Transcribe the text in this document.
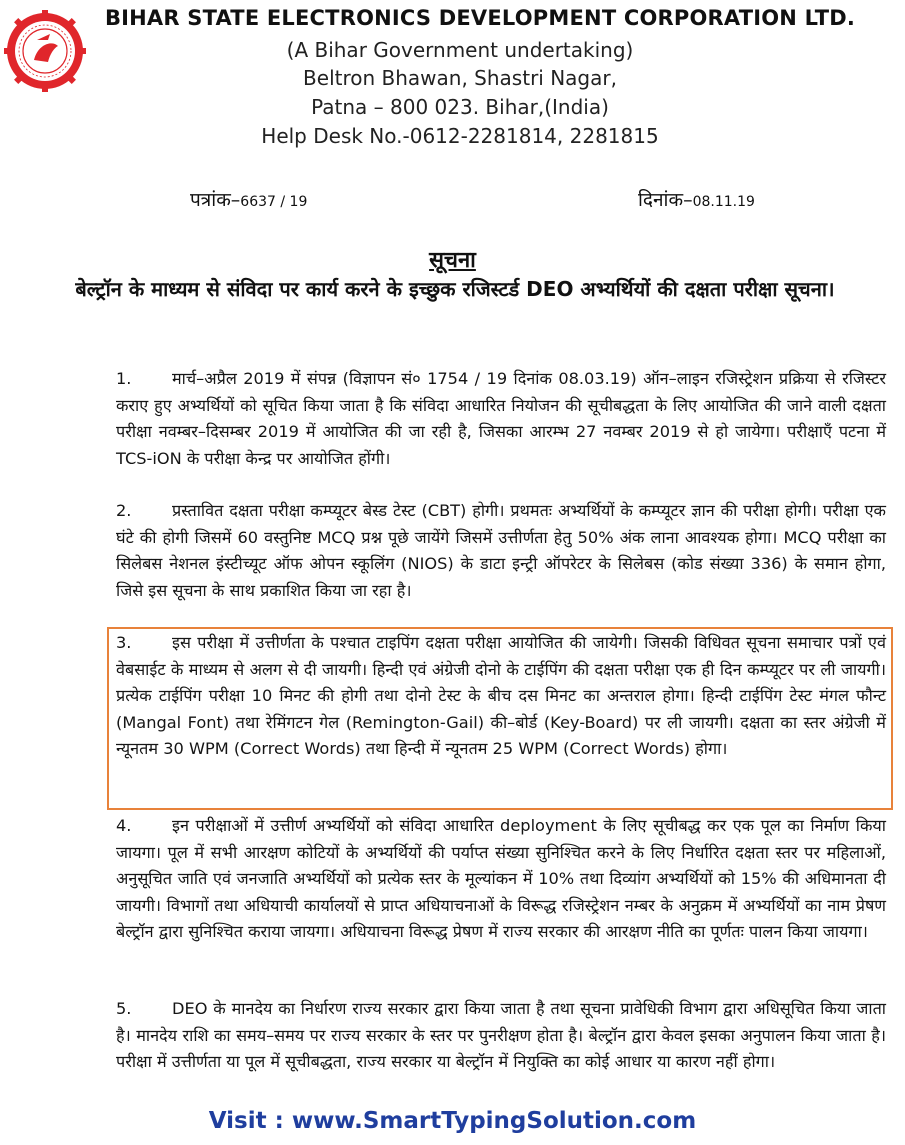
BIHAR STATE ELECTRONICS DEVELOPMENT CORPORATION LTD.
(A Bihar Government undertaking)
Beltron Bhawan, Shastri Nagar,
Patna – 800 023. Bihar,(India)
Help Desk No.-0612-2281814, 2281815
पत्रांक–6637 / 19	दिनांक–08.11.19
सूचना
बेल्ट्रॉन के माध्यम से संविदा पर कार्य करने के इच्छुक रजिस्टर्ड DEO अभ्यर्थियों की दक्षता परीक्षा सूचना।
1.	मार्च–अप्रैल 2019 में संपन्न (विज्ञापन सं० 1754 / 19 दिनांक 08.03.19) ऑन–लाइन रजिस्ट्रेशन प्रक्रिया से रजिस्टर कराए हुए अभ्यर्थियों को सूचित किया जाता है कि संविदा आधारित नियोजन की सूचीबद्धता के लिए आयोजित की जाने वाली दक्षता परीक्षा नवम्बर–दिसम्बर 2019 में आयोजित की जा रही है, जिसका आरम्भ 27 नवम्बर 2019 से हो जायेगा। परीक्षाएँ पटना में TCS-iON के परीक्षा केन्द्र पर आयोजित होंगी।
2.	प्रस्तावित दक्षता परीक्षा कम्प्यूटर बेस्ड टेस्ट (CBT) होगी। प्रथमतः अभ्यर्थियों के कम्प्यूटर ज्ञान की परीक्षा होगी। परीक्षा एक घंटे की होगी जिसमें 60 वस्तुनिष्ट MCQ प्रश्न पूछे जायेंगे जिसमें उत्तीर्णता हेतु 50% अंक लाना आवश्यक होगा। MCQ परीक्षा का सिलेबस नेशनल इंस्टीच्यूट ऑफ ओपन स्कूलिंग (NIOS) के डाटा इन्ट्री ऑपरेटर के सिलेबस (कोड संख्या 336) के समान होगा, जिसे इस सूचना के साथ प्रकाशित किया जा रहा है।
3.	इस परीक्षा में उत्तीर्णता के पश्चात टाइपिंग दक्षता परीक्षा आयोजित की जायेगी। जिसकी विधिवत सूचना समाचार पत्रों एवं वेबसाईट के माध्यम से अलग से दी जायगी। हिन्दी एवं अंग्रेजी दोनो के टाईपिंग की दक्षता परीक्षा एक ही दिन कम्प्यूटर पर ली जायगी। प्रत्येक टाईपिंग परीक्षा 10 मिनट की होगी तथा दोनो टेस्ट के बीच दस मिनट का अन्तराल होगा। हिन्दी टाईपिंग टेस्ट मंगल फौन्ट (Mangal Font) तथा रेमिंगटन गेल (Remington-Gail) की–बोर्ड (Key-Board) पर ली जायगी। दक्षता का स्तर अंग्रेजी में न्यूनतम 30 WPM (Correct Words) तथा हिन्दी में न्यूनतम 25 WPM (Correct Words) होगा।
4.	इन परीक्षाओं में उत्तीर्ण अभ्यर्थियों को संविदा आधारित deployment के लिए सूचीबद्ध कर एक पूल का निर्माण किया जायगा। पूल में सभी आरक्षण कोटियों के अभ्यर्थियों की पर्याप्त संख्या सुनिश्चित करने के लिए निर्धारित दक्षता स्तर पर महिलाओं, अनुसूचित जाति एवं जनजाति अभ्यर्थियों को प्रत्येक स्तर के मूल्यांकन में 10% तथा दिव्यांग अभ्यर्थियों को 15% की अधिमानता दी जायगी। विभागों तथा अधियाची कार्यालयों से प्राप्त अधियाचनाओं के विरूद्ध रजिस्ट्रेशन नम्बर के अनुक्रम में अभ्यर्थियों का नाम प्रेषण बेल्ट्रॉन द्वारा सुनिश्चित कराया जायगा। अधियाचना विरूद्ध प्रेषण में राज्य सरकार की आरक्षण नीति का पूर्णतः पालन किया जायगा।
5.	DEO के मानदेय का निर्धारण राज्य सरकार द्वारा किया जाता है तथा सूचना प्रावेधिकी विभाग द्वारा अधिसूचित किया जाता है। मानदेय राशि का समय–समय पर राज्य सरकार के स्तर पर पुनरीक्षण होता है। बेल्ट्रॉन द्वारा केवल इसका अनुपालन किया जाता है। परीक्षा में उत्तीर्णता या पूल में सूचीबद्धता, राज्य सरकार या बेल्ट्रॉन में नियुक्ति का कोई आधार या कारण नहीं होगा।
Visit : www.SmartTypingSolution.com
